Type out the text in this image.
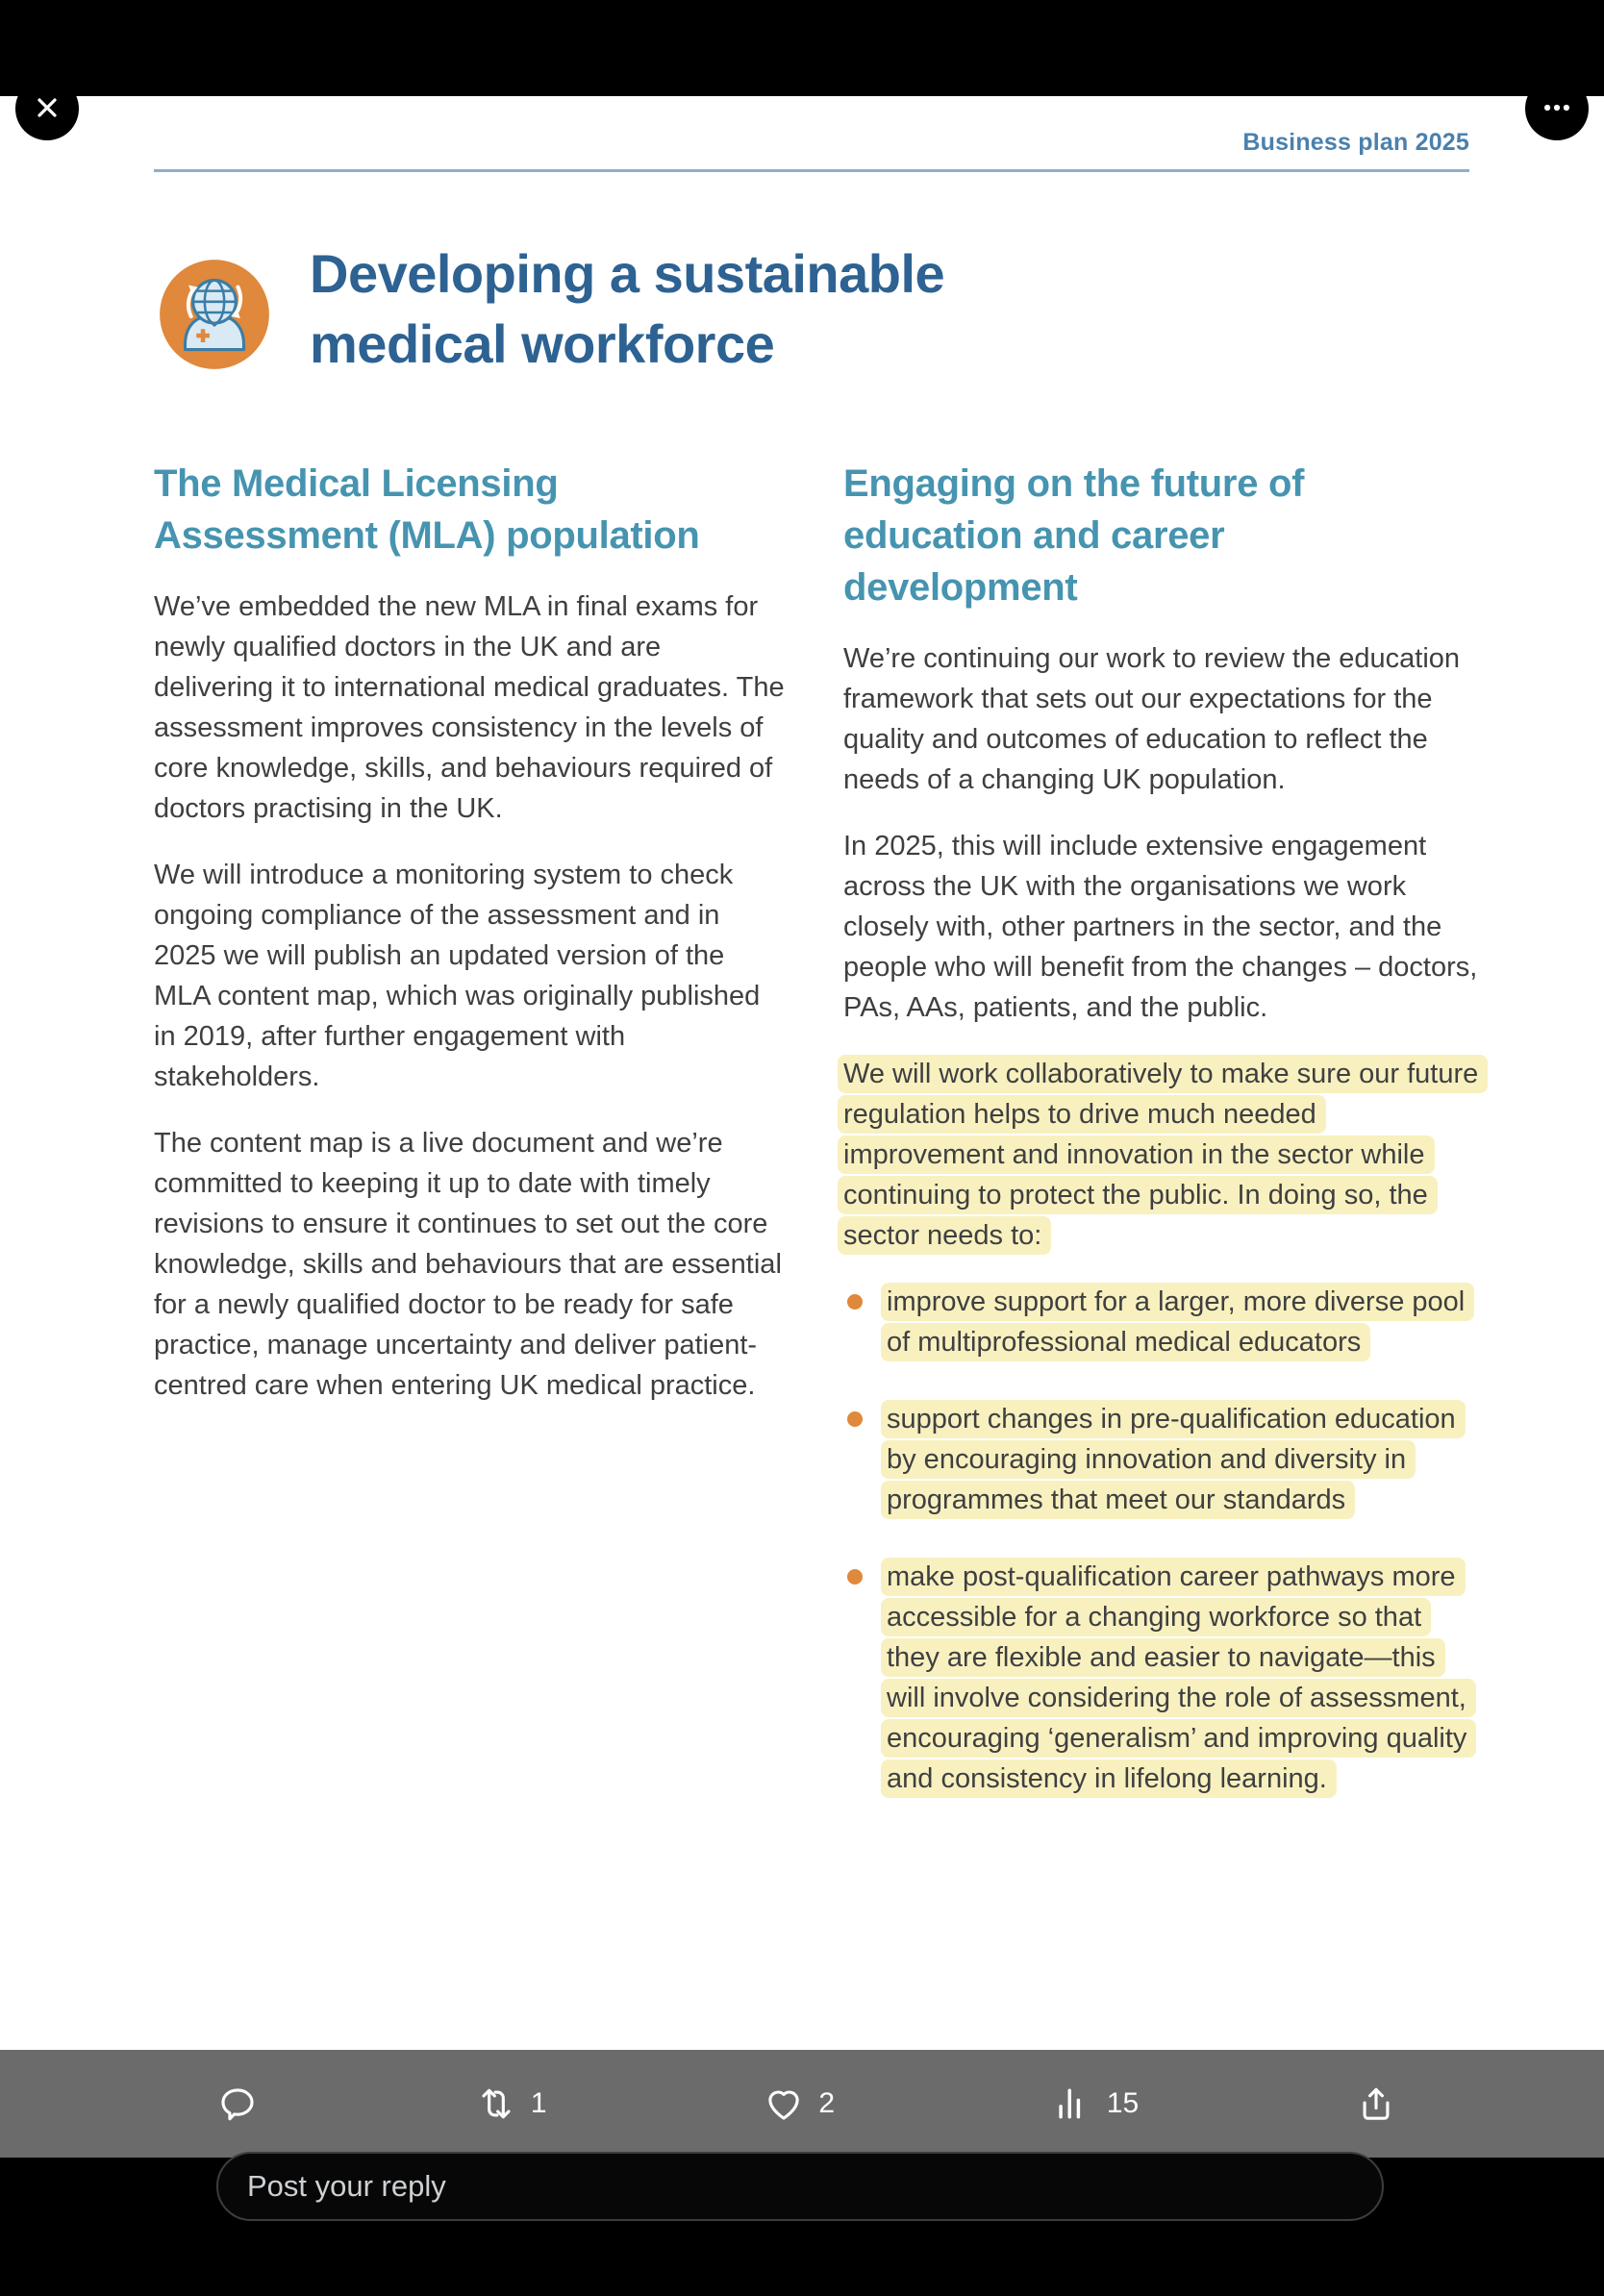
Business plan 2025
Developing a sustainable medical workforce
The Medical Licensing Assessment (MLA) population

We’ve embedded the new MLA in final exams for newly qualified doctors in the UK and are delivering it to international medical graduates. The assessment improves consistency in the levels of core knowledge, skills, and behaviours required of doctors practising in the UK.

We will introduce a monitoring system to check ongoing compliance of the assessment and in 2025 we will publish an updated version of the MLA content map, which was originally published in 2019, after further engagement with stakeholders.

The content map is a live document and we’re committed to keeping it up to date with timely revisions to ensure it continues to set out the core knowledge, skills and behaviours that are essential for a newly qualified doctor to be ready for safe practice, manage uncertainty and deliver patient-centred care when entering UK medical practice.

Engaging on the future of education and career development

We’re continuing our work to review the education framework that sets out our expectations for the quality and outcomes of education to reflect the needs of a changing UK population.

In 2025, this will include extensive engagement across the UK with the organisations we work closely with, other partners in the sector, and the people who will benefit from the changes – doctors, PAs, AAs, patients, and the public.

We will work collaboratively to make sure our future regulation helps to drive much needed improvement and innovation in the sector while continuing to protect the public. In doing so, the sector needs to:

improve support for a larger, more diverse pool of multiprofessional medical educators
support changes in pre-qualification education by encouraging innovation and diversity in programmes that meet our standards
make post-qualification career pathways more accessible for a changing workforce so that they are flexible and easier to navigate—this will involve considering the role of assessment, encouraging ‘generalism’ and improving quality and consistency in lifelong learning.
1	2	15
Post your reply
